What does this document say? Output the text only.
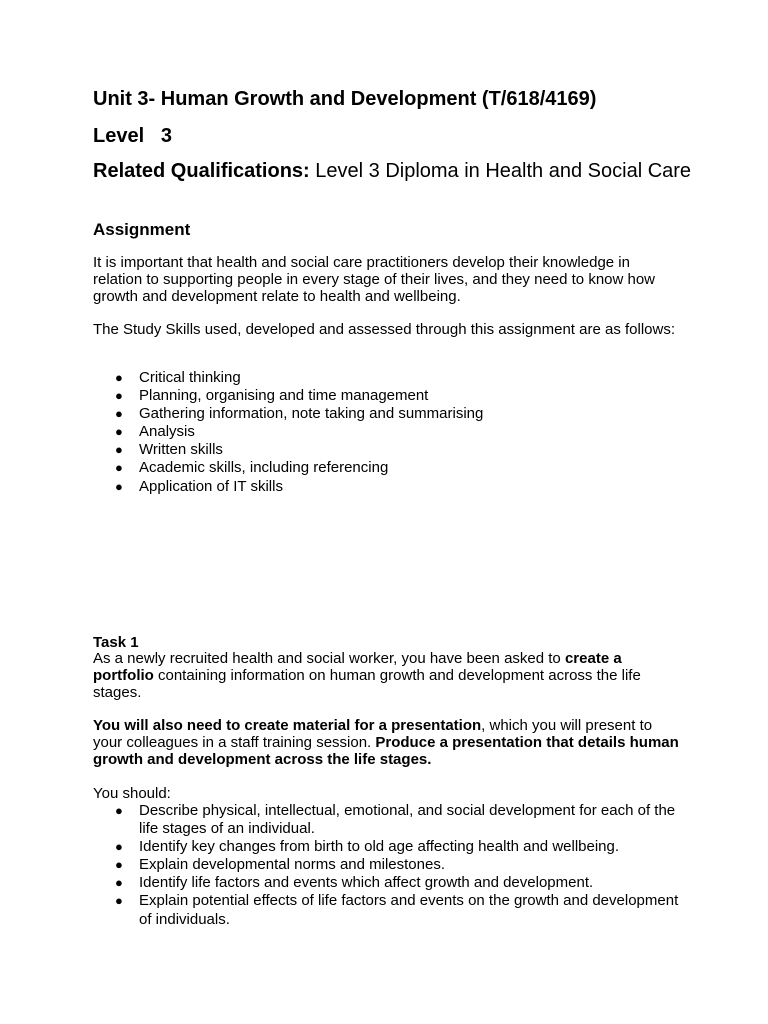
Unit 3- Human Growth and Development (T/618/4169)
Level   3
Related Qualifications: Level 3 Diploma in Health and Social Care
Assignment
It is important that health and social care practitioners develop their knowledge in relation to supporting people in every stage of their lives, and they need to know how growth and development relate to health and wellbeing.
The Study Skills used, developed and assessed through this assignment are as follows:
● Critical thinking
● Planning, organising and time management
● Gathering information, note taking and summarising
● Analysis
● Written skills
● Academic skills, including referencing
● Application of IT skills
Task 1
As a newly recruited health and social worker, you have been asked to create a portfolio containing information on human growth and development across the life stages.
You will also need to create material for a presentation, which you will present to your colleagues in a staff training session. Produce a presentation that details human growth and development across the life stages.
You should:
● Describe physical, intellectual, emotional, and social development for each of the life stages of an individual.
● Identify key changes from birth to old age affecting health and wellbeing.
● Explain developmental norms and milestones.
● Identify life factors and events which affect growth and development.
● Explain potential effects of life factors and events on the growth and development of individuals.
